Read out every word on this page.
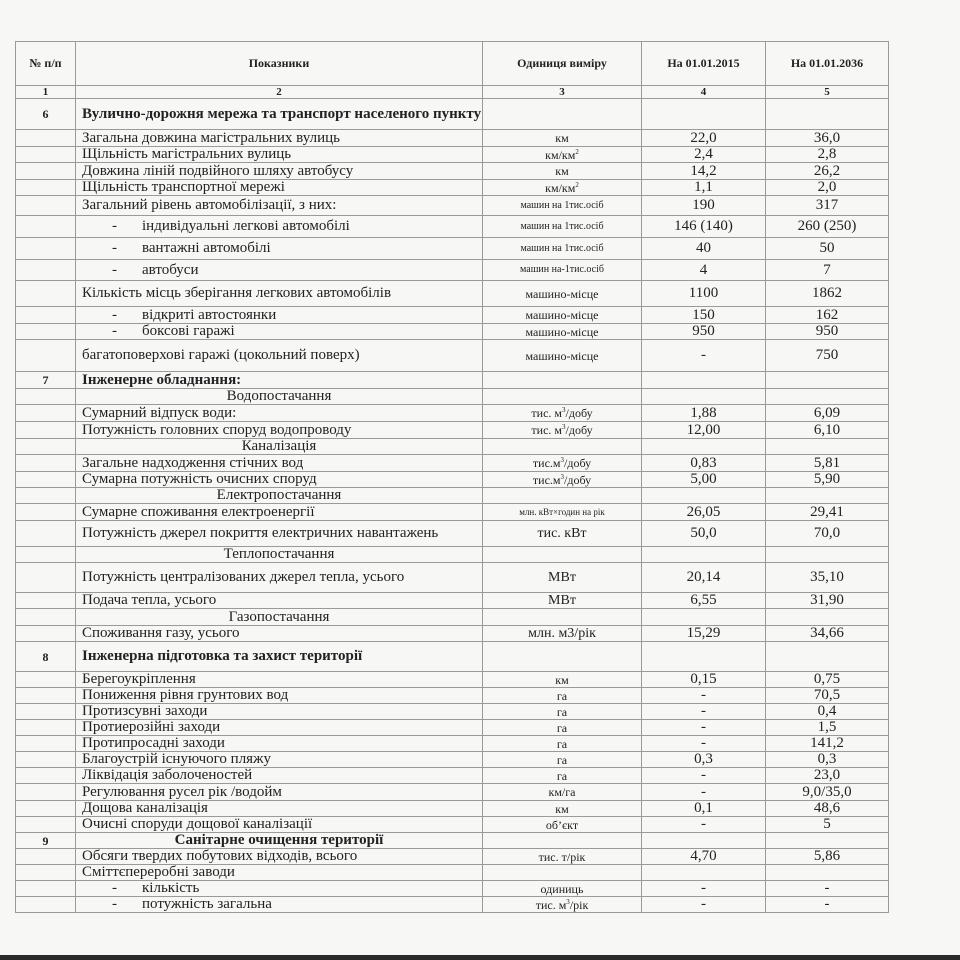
№ п/п	Показники	Одиниця виміру	На 01.01.2015	На 01.01.2036
1	2	3	4	5
6	Вулично-дорожня мережа та транспорт населеного пункту			
	Загальна довжина магістральних вулиць	км	22,0	36,0
	Щільність магістральних вулиць	$км/км^2$	2,4	2,8
	Довжина ліній подвійного шляху автобусу	км	14,2	26,2
	Щільність транспортної мережі	$км/км^2$	1,1	2,0
	Загальний рівень автомобілізації, з них:	машин на 1тис.осіб	190	317
	- індивідуальні легкові автомобілі	машин на 1тис.осіб	146 (140)	260 (250)
	- вантажні автомобілі	машин на 1тис.осіб	40	50
	- автобуси	машин на-1тис.осіб	4	7
	Кількість місць зберігання легкових автомобілів	машино-місце	1100	1862
	- відкриті автостоянки	машино-місце	150	162
	- боксові гаражі	машино-місце	950	950
	багатоповерхові гаражі (цокольний поверх)	машино-місце	-	750
7	Інженерне обладнання:			
	Водопостачання			
	Сумарний відпуск води:	тис. $м^3$/добу	1,88	6,09
	Потужність головних споруд водопроводу	тис. $м^3$/добу	12,00	6,10
	Каналізація			
	Загальне надходження стічних вод	$тис.м^3$/добу	0,83	5,81
	Сумарна потужність очисних споруд	$тис.м^3$/добу	5,00	5,90
	Електропостачання			
	Сумарне споживання електроенергії	млн. кВт×годин на рік	26,05	29,41
	Потужність джерел покриття електричних навантажень	тис. кВт	50,0	70,0
	Теплопостачання			
	Потужність централізованих джерел тепла, усього	МВт	20,14	35,10
	Подача тепла, усього	МВт	6,55	31,90
	Газопостачання			
	Споживання газу, усього	млн. м3/рік	15,29	34,66
8	Інженерна підготовка та захист території			
	Берегоукріплення	км	0,15	0,75
	Пониження рівня грунтових вод	га	-	70,5
	Протизсувні заходи	га	-	0,4
	Протиерозійні заходи	га	-	1,5
	Протипросадні заходи	га	-	141,2
	Благоустрій існуючого пляжу	га	0,3	0,3
	Ліквідація заболоченостей	га	-	23,0
	Регулювання русел рік /водойм	км/га	-	9,0/35,0
	Дощова каналізація	км	0,1	48,6
	Очисні споруди дощової каналізації	об’єкт	-	5
9	Санітарне очищення території			
	Обсяги твердих побутових відходів, всього	тис. т/рік	4,70	5,86
	Сміттєпереробні заводи			
	- кількість	одиниць	-	-
	- потужність загальна	тис. $м^3$/рік	-	-
